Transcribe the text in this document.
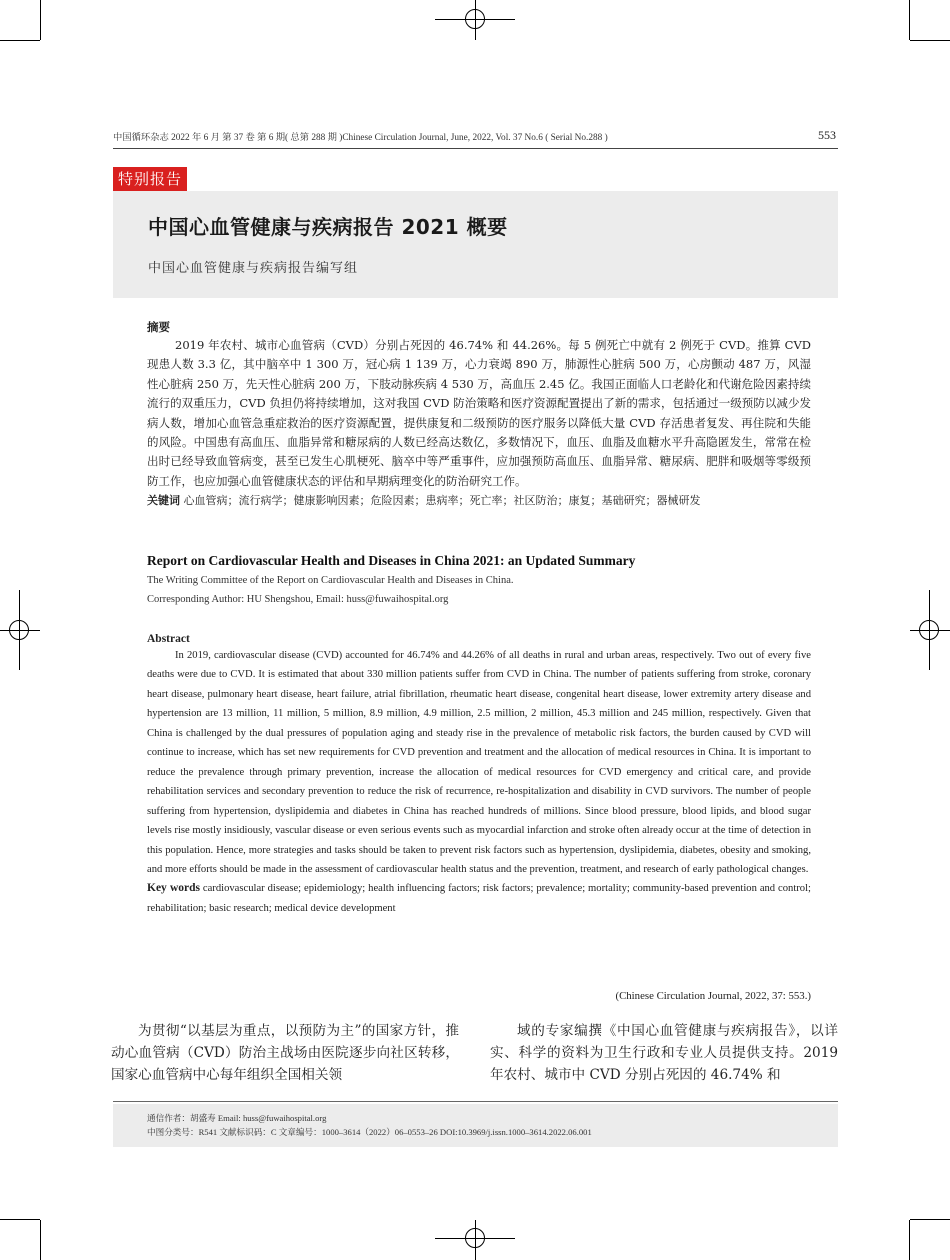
中国循环杂志 2022 年 6 月 第 37 卷 第 6 期( 总第 288 期 )Chinese Circulation Journal, June, 2022, Vol. 37 No.6 ( Serial No.288 )	553
特别报告
中国心血管健康与疾病报告 2021 概要
中国心血管健康与疾病报告编写组
摘要
2019 年农村、城市心血管病（CVD）分别占死因的 46.74% 和 44.26%。每 5 例死亡中就有 2 例死于 CVD。推算 CVD 现患人数 3.3 亿，其中脑卒中 1 300 万，冠心病 1 139 万，心力衰竭 890 万，肺源性心脏病 500 万，心房颤动 487 万，风湿性心脏病 250 万，先天性心脏病 200 万，下肢动脉疾病 4 530 万，高血压 2.45 亿。我国正面临人口老龄化和代谢危险因素持续流行的双重压力，CVD 负担仍将持续增加，这对我国 CVD 防治策略和医疗资源配置提出了新的需求，包括通过一级预防以减少发病人数，增加心血管急重症救治的医疗资源配置，提供康复和二级预防的医疗服务以降低大量 CVD 存活患者复发、再住院和失能的风险。中国患有高血压、血脂异常和糖尿病的人数已经高达数亿，多数情况下，血压、血脂及血糖水平升高隐匿发生，常常在检出时已经导致血管病变，甚至已发生心肌梗死、脑卒中等严重事件，应加强预防高血压、血脂异常、糖尿病、肥胖和吸烟等零级预防工作，也应加强心血管健康状态的评估和早期病理变化的防治研究工作。
关键词 心血管病；流行病学；健康影响因素；危险因素；患病率；死亡率；社区防治；康复；基础研究；器械研发
Report on Cardiovascular Health and Diseases in China 2021: an Updated Summary
The Writing Committee of the Report on Cardiovascular Health and Diseases in China.
Corresponding Author: HU Shengshou, Email: huss@fuwaihospital.org
Abstract
In 2019, cardiovascular disease (CVD) accounted for 46.74% and 44.26% of all deaths in rural and urban areas, respectively. Two out of every five deaths were due to CVD. It is estimated that about 330 million patients suffer from CVD in China. The number of patients suffering from stroke, coronary heart disease, pulmonary heart disease, heart failure, atrial fibrillation, rheumatic heart disease, congenital heart disease, lower extremity artery disease and hypertension are 13 million, 11 million, 5 million, 8.9 million, 4.9 million, 2.5 million, 2 million, 45.3 million and 245 million, respectively. Given that China is challenged by the dual pressures of population aging and steady rise in the prevalence of metabolic risk factors, the burden caused by CVD will continue to increase, which has set new requirements for CVD prevention and treatment and the allocation of medical resources in China. It is important to reduce the prevalence through primary prevention, increase the allocation of medical resources for CVD emergency and critical care, and provide rehabilitation services and secondary prevention to reduce the risk of recurrence, re-hospitalization and disability in CVD survivors. The number of people suffering from hypertension, dyslipidemia and diabetes in China has reached hundreds of millions. Since blood pressure, blood lipids, and blood sugar levels rise mostly insidiously, vascular disease or even serious events such as myocardial infarction and stroke often already occur at the time of detection in this population. Hence, more strategies and tasks should be taken to prevent risk factors such as hypertension, dyslipidemia, diabetes, obesity and smoking, and more efforts should be made in the assessment of cardiovascular health status and the prevention, treatment, and research of early pathological changes.
Key words cardiovascular disease; epidemiology; health influencing factors; risk factors; prevalence; mortality; community-based prevention and control; rehabilitation; basic research; medical device development
(Chinese Circulation Journal, 2022, 37: 553.)
为贯彻“以基层为重点，以预防为主”的国家方针，推动心血管病（CVD）防治主战场由医院逐步向社区转移，国家心血管病中心每年组织全国相关领
域的专家编撰《中国心血管健康与疾病报告》，以详实、科学的资料为卫生行政和专业人员提供支持。2019 年农村、城市中 CVD 分别占死因的 46.74% 和
通信作者：胡盛寿 Email: huss@fuwaihospital.org
中图分类号：R541 文献标识码：C 文章编号：1000–3614（2022）06–0553–26 DOI:10.3969/j.issn.1000–3614.2022.06.001
